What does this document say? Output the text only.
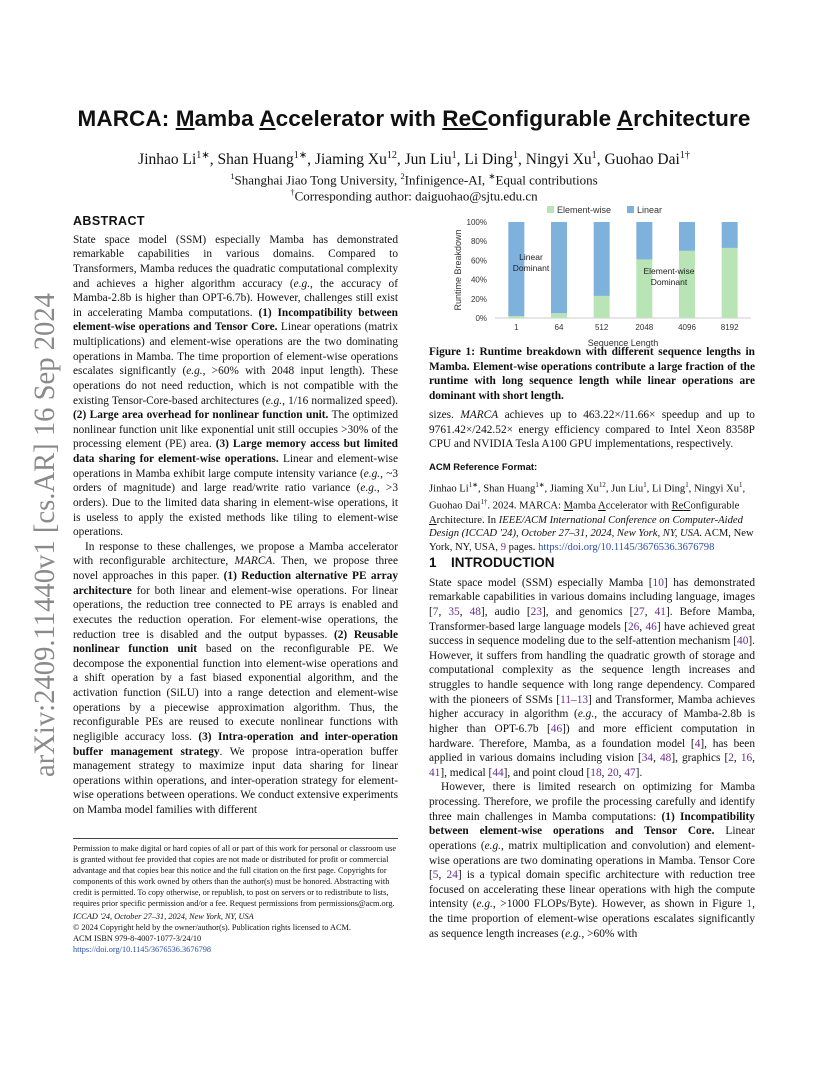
arXiv:2409.11440v1 [cs.AR] 16 Sep 2024
MARCA: Mamba Accelerator with ReConfigurable Architecture
Jinhao $Li^{1∗}$, Shan Huang$^{1∗}$, Jiaming Xu$^{12}$, Jun Liu$^1$, Li Ding$^1$, Ningyi Xu$^1$, Guohao Dai$^{1\dagger}$
$^1$Shanghai Jiao Tong University, $^2$Infinigence-AI, ∗Equal contributions
†Corresponding author: daiguohao@sjtu.edu.cn
ABSTRACT

State space model (SSM) especially Mamba has demonstrated remarkable capabilities in various domains. Compared to Transformers, Mamba reduces the quadratic computational complexity and achieves a higher algorithm accuracy (e.g., the accuracy of Mamba-2.8b is higher than OPT-6.7b). However, challenges still exist in accelerating Mamba computations. (1) Incompatibility between element-wise operations and Tensor Core. Linear operations (matrix multiplications) and element-wise operations are the two dominating operations in Mamba. The time proportion of element-wise operations escalates significantly (e.g., >60% with 2048 input length). These operations do not need reduction, which is not compatible with the existing Tensor-Core-based architectures (e.g., 1/16 normalized speed). (2) Large area overhead for nonlinear function unit. The optimized nonlinear function unit like exponential unit still occupies >30% of the processing element (PE) area. (3) Large memory access but limited data sharing for element-wise operations. Linear and element-wise operations in Mamba exhibit large compute intensity variance (e.g., ~3 orders of magnitude) and large read/write ratio variance (e.g., >3 orders). Due to the limited data sharing in element-wise operations, it is useless to apply the existed methods like tiling to element-wise operations.

In response to these challenges, we propose a Mamba accelerator with reconfigurable architecture, MARCA. Then, we propose three novel approaches in this paper. (1) Reduction alternative PE array architecture for both linear and element-wise operations. For linear operations, the reduction tree connected to PE arrays is enabled and executes the reduction operation. For element-wise operations, the reduction tree is disabled and the output bypasses. (2) Reusable nonlinear function unit based on the reconfigurable PE. We decompose the exponential function into element-wise operations and a shift operation by a fast biased exponential algorithm, and the activation function (SiLU) into a range detection and element-wise operations by a piecewise approximation algorithm. Thus, the reconfigurable PEs are reused to execute nonlinear functions with negligible accuracy loss. (3) Intra-operation and inter-operation buffer management strategy. We propose intra-operation buffer management strategy to maximize input data sharing for linear operations within operations, and inter-operation strategy for element-wise operations between operations. We conduct extensive experiments on Mamba model families with different

Permission to make digital or hard copies of all or part of this work for personal or classroom use is granted without fee provided that copies are not made or distributed for profit or commercial advantage and that copies bear this notice and the full citation on the first page. Copyrights for components of this work owned by others than the author(s) must be honored. Abstracting with credit is permitted. To copy otherwise, or republish, to post on servers or to redistribute to lists, requires prior specific permission and/or a fee. Request permissions from permissions@acm.org.

ICCAD '24, October 27–31, 2024, New York, NY, USA

© 2024 Copyright held by the owner/author(s). Publication rights licensed to ACM.

ACM ISBN 979-8-4007-1077-3/24/10

https://doi.org/10.1145/3676536.3676798

Element-wise	Linear
0%
20%
40%
60%
80%
100%
1	64	512	2048	4096	8192
Sequence Length
Runtime Breakdown	Linear
Dominant	Element-wise
Dominant
Figure 1: Runtime breakdown with different sequence lengths in Mamba. Element-wise operations contribute a large fraction of the runtime with long sequence length while linear operations are dominant with short length.
sizes. MARCA achieves up to 463.22×/11.66× speedup and up to 9761.42×/242.52× energy efficiency compared to Intel Xeon 8358P CPU and NVIDIA Tesla A100 GPU implementations, respectively.
ACM Reference Format:

Jinhao $Li^{1∗}$, Shan Huang$^{1∗}$, Jiaming Xu$^{12}$, Jun Liu$^1$, Li Ding$^1$, Ningyi Xu$^1$, Guohao Dai$^{1\dagger}$. 2024. MARCA: Mamba Accelerator with ReConfigurable Architecture. In IEEE/ACM International Conference on Computer-Aided Design (ICCAD '24), October 27–31, 2024, New York, NY, USA. ACM, New York, NY, USA, 9 pages. https://doi.org/10.1145/3676536.3676798

1 INTRODUCTION

State space model (SSM) especially Mamba [10] has demonstrated remarkable capabilities in various domains including language, images [7, 35, 48], audio [23], and genomics [27, 41]. Before Mamba, Transformer-based large language models [26, 46] have achieved great success in sequence modeling due to the self-attention mechanism [40]. However, it suffers from handling the quadratic growth of storage and computational complexity as the sequence length increases and struggles to handle sequence with long range dependency. Compared with the pioneers of SSMs [11–13] and Transformer, Mamba achieves higher accuracy in algorithm (e.g., the accuracy of Mamba-2.8b is higher than OPT-6.7b [46]) and more efficient computation in hardware. Therefore, Mamba, as a foundation model [4], has been applied in various domains including vision [34, 48], graphics [2, 16, 41], medical [44], and point cloud [18, 20, 47].

However, there is limited research on optimizing for Mamba processing. Therefore, we profile the processing carefully and identify three main challenges in Mamba computations: (1) Incompatibility between element-wise operations and Tensor Core. Linear operations (e.g., matrix multiplication and convolution) and element-wise operations are two dominating operations in Mamba. Tensor Core [5, 24] is a typical domain specific architecture with reduction tree focused on accelerating these linear operations with high the compute intensity (e.g., >1000 FLOPs/Byte). However, as shown in Figure 1, the time proportion of element-wise operations escalates significantly as sequence length increases (e.g., >60% with
